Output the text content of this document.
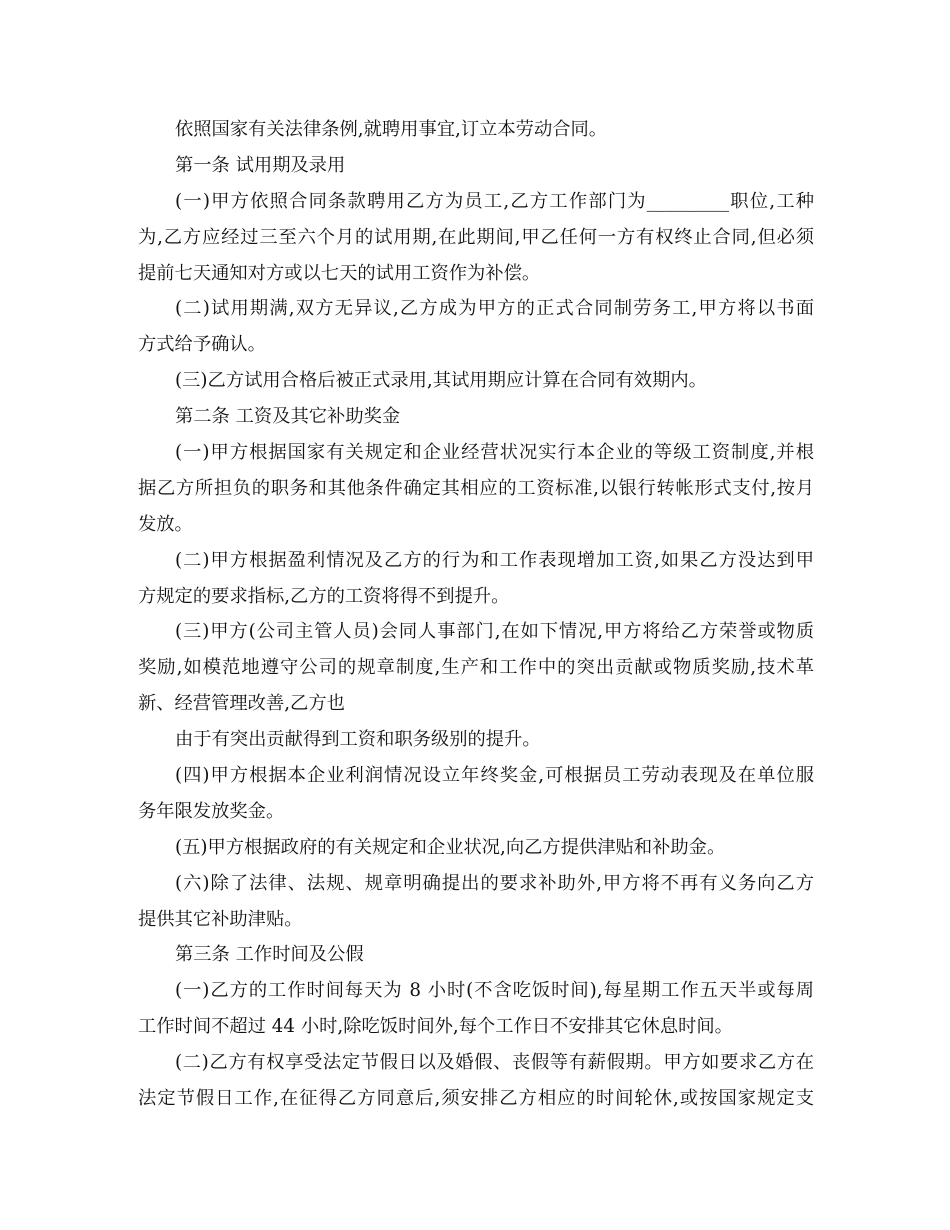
依照国家有关法律条例,就聘用事宜,订立本劳动合同。
第一条 试用期及录用
(一)甲方依照合同条款聘用乙方为员工,乙方工作部门为_________职位,工种
为,乙方应经过三至六个月的试用期,在此期间,甲乙任何一方有权终止合同,但必须
提前七天通知对方或以七天的试用工资作为补偿。
(二)试用期满,双方无异议,乙方成为甲方的正式合同制劳务工,甲方将以书面
方式给予确认。
(三)乙方试用合格后被正式录用,其试用期应计算在合同有效期内。
第二条 工资及其它补助奖金
(一)甲方根据国家有关规定和企业经营状况实行本企业的等级工资制度,并根
据乙方所担负的职务和其他条件确定其相应的工资标准,以银行转帐形式支付,按月
发放。
(二)甲方根据盈利情况及乙方的行为和工作表现增加工资,如果乙方没达到甲
方规定的要求指标,乙方的工资将得不到提升。
(三)甲方(公司主管人员)会同人事部门,在如下情况,甲方将给乙方荣誉或物质
奖励,如模范地遵守公司的规章制度,生产和工作中的突出贡献或物质奖励,技术革
新、经营管理改善,乙方也
由于有突出贡献得到工资和职务级别的提升。
(四)甲方根据本企业利润情况设立年终奖金,可根据员工劳动表现及在单位服
务年限发放奖金。
(五)甲方根据政府的有关规定和企业状况,向乙方提供津贴和补助金。
(六)除了法律、法规、规章明确提出的要求补助外,甲方将不再有义务向乙方
提供其它补助津贴。
第三条 工作时间及公假
(一)乙方的工作时间每天为 8 小时(不含吃饭时间),每星期工作五天半或每周
工作时间不超过 44 小时,除吃饭时间外,每个工作日不安排其它休息时间。
(二)乙方有权享受法定节假日以及婚假、丧假等有薪假期。甲方如要求乙方在
法定节假日工作,在征得乙方同意后,须安排乙方相应的时间轮休,或按国家规定支
